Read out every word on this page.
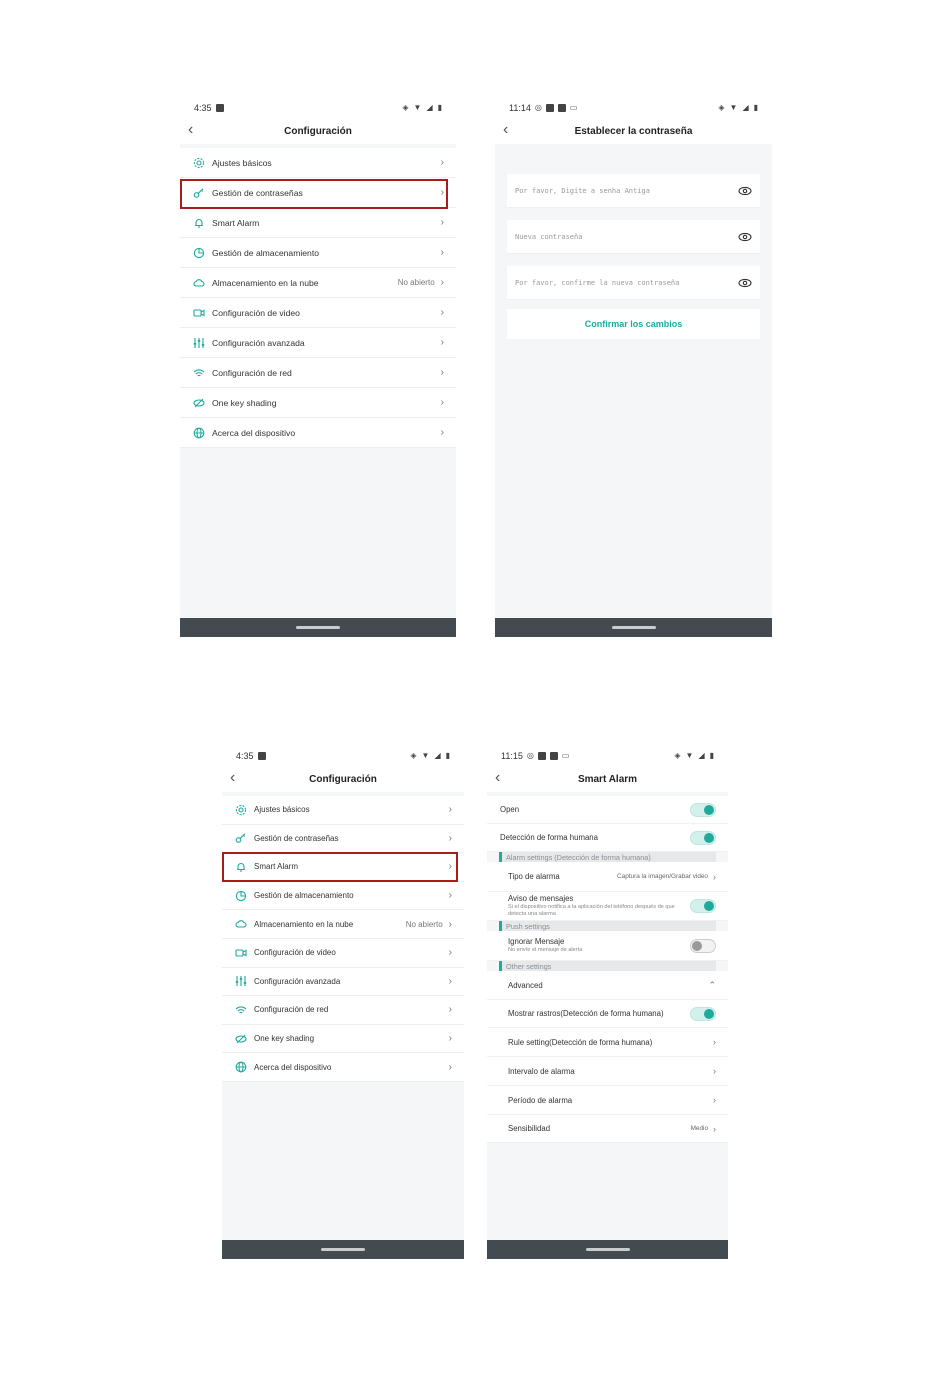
4:35	◈ ▼ ◢ ▮
‹	Configuración
Ajustes básicos	›
Gestión de contraseñas	›
Smart Alarm	›
Gestión de almacenamiento	›
Almacenamiento en la nube	No abierto ›
Configuración de video	›
Configuración avanzada	›
Configuración de red	›
One key shading	›
Acerca del dispositivo	›
11:14 ◎	▭	◈ ▼ ◢ ▮
‹	Establecer la contraseña
Por favor, Digite a senha Antiga
Nueva contraseña
Por favor, confirme la nueva contraseña
Confirmar los cambios
4:35	◈ ▼ ◢ ▮
‹	Configuración
Ajustes básicos	›
Gestión de contraseñas	›
Smart Alarm	›
Gestión de almacenamiento	›
Almacenamiento en la nube	No abierto ›
Configuración de video	›
Configuración avanzada	›
Configuración de red	›
One key shading	›
Acerca del dispositivo	›
11:15 ◎	▭	◈ ▼ ◢ ▮
‹	Smart Alarm
Open
Detección de forma humana
Alarm settings (Detección de forma humana)
Tipo de alarma	Captura la imagen/Grabar video ›
Aviso de mensajes
Si el dispositivo notifica a la aplicación del teléfono después de que detecta una alarma
Push settings
Ignorar Mensaje
No envíe el mensaje de alerta
Other settings
Advanced	⌃
Mostrar rastros(Detección de forma humana)
Rule setting(Detección de forma humana)	›
Intervalo de alarma	›
Período de alarma	›
Sensibilidad	Medio ›
